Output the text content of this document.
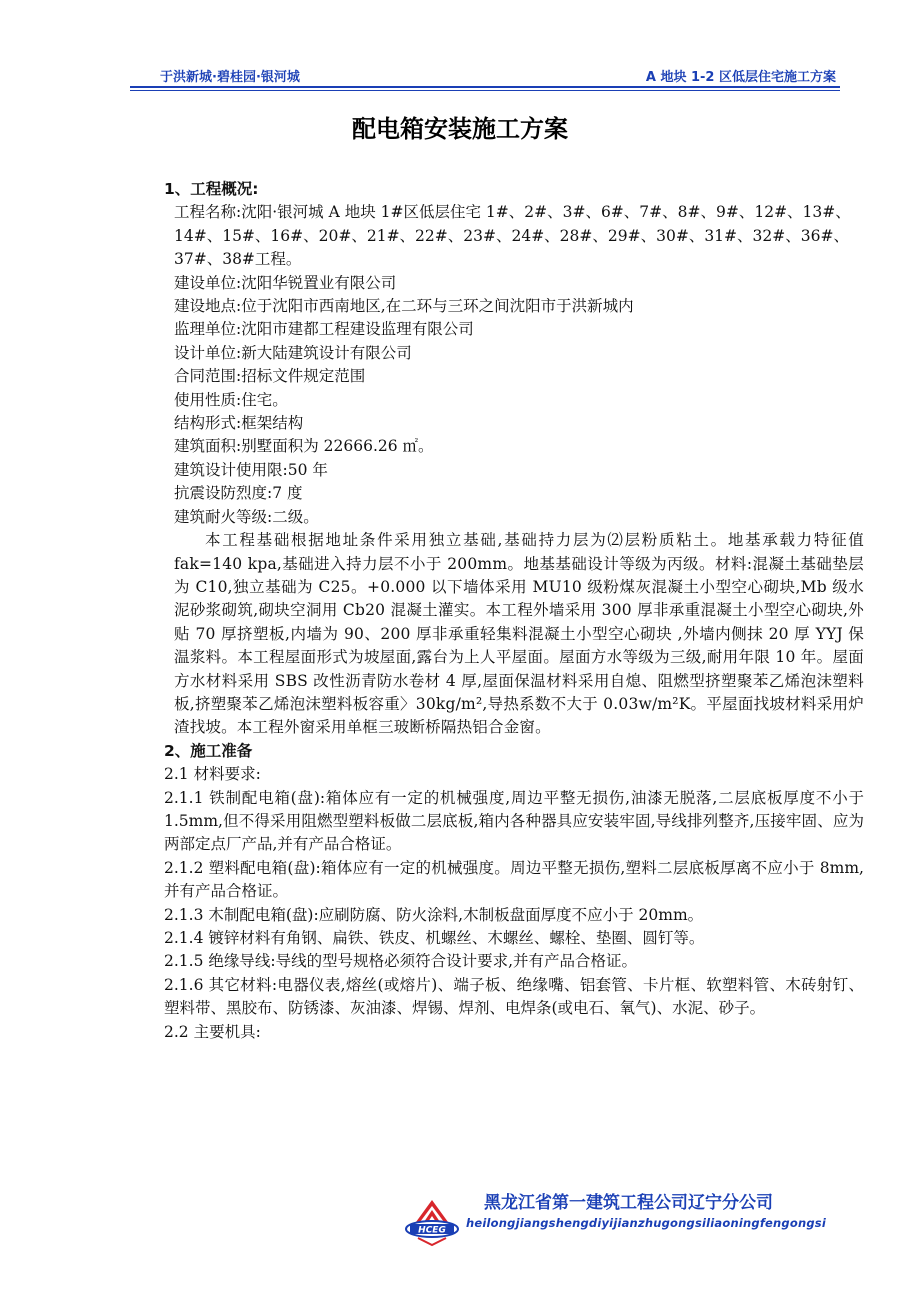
于洪新城·碧桂园·银河城	A 地块 1-2 区低层住宅施工方案
配电箱安装施工方案
1、工程概况:
工程名称:沈阳·银河城 A 地块 1#区低层住宅 1#、2#、3#、6#、7#、8#、9#、12#、13#、14#、15#、16#、20#、21#、22#、23#、24#、28#、29#、30#、31#、32#、36#、37#、38#工程。
建设单位:沈阳华锐置业有限公司
建设地点:位于沈阳市西南地区,在二环与三环之间沈阳市于洪新城内
监理单位:沈阳市建都工程建设监理有限公司
设计单位:新大陆建筑设计有限公司
合同范围:招标文件规定范围
使用性质:住宅。
结构形式:框架结构
建筑面积:别墅面积为 22666.26 ㎡。
建筑设计使用限:50 年
抗震设防烈度:7 度
建筑耐火等级:二级。
本工程基础根据地址条件采用独立基础,基础持力层为⑵层粉质粘土。地基承载力特征值 fak=140 kpa,基础进入持力层不小于 200mm。地基基础设计等级为丙级。材料:混凝土基础垫层为 C10,独立基础为 C25。+0.000 以下墙体采用 MU10 级粉煤灰混凝土小型空心砌块,Mb 级水泥砂浆砌筑,砌块空洞用 Cb20 混凝土灌实。本工程外墙采用 300 厚非承重混凝土小型空心砌块,外贴 70 厚挤塑板,内墙为 90、200 厚非承重轻集料混凝土小型空心砌块 ,外墙内侧抹 20 厚 YYJ 保温浆料。本工程屋面形式为坡屋面,露台为上人平屋面。屋面方水等级为三级,耐用年限 10 年。屋面方水材料采用 SBS 改性沥青防水卷材 4 厚,屋面保温材料采用自熄、阻燃型挤塑聚苯乙烯泡沫塑料板,挤塑聚苯乙烯泡沫塑料板容重〉30kg/m²,导热系数不大于 0.03w/m²K。平屋面找坡材料采用炉渣找坡。本工程外窗采用单框三玻断桥隔热铝合金窗。
2、施工准备
2.1 材料要求:
2.1.1 铁制配电箱(盘):箱体应有一定的机械强度,周边平整无损伤,油漆无脱落,二层底板厚度不小于 1.5mm,但不得采用阻燃型塑料板做二层底板,箱内各种器具应安装牢固,导线排列整齐,压接牢固、应为两部定点厂产品,并有产品合格证。
2.1.2 塑料配电箱(盘):箱体应有一定的机械强度。周边平整无损伤,塑料二层底板厚离不应小于 8mm,并有产品合格证。
2.1.3 木制配电箱(盘):应刷防腐、防火涂料,木制板盘面厚度不应小于 20mm。
2.1.4 镀锌材料有角钢、扁铁、铁皮、机螺丝、木螺丝、螺栓、垫圈、圆钉等。
2.1.5 绝缘导线:导线的型号规格必须符合设计要求,并有产品合格证。
2.1.6 其它材料:电器仪表,熔丝(或熔片)、端子板、绝缘嘴、铝套管、卡片框、软塑料管、木砖射钉、塑料带、黑胶布、防锈漆、灰油漆、焊锡、焊剂、电焊条(或电石、氧气)、水泥、砂子。
2.2 主要机具:
HCEG
黑龙江省第一建筑工程公司辽宁分公司
heilongjiangshengdiyijianzhugongsiliaoningfengongsi
